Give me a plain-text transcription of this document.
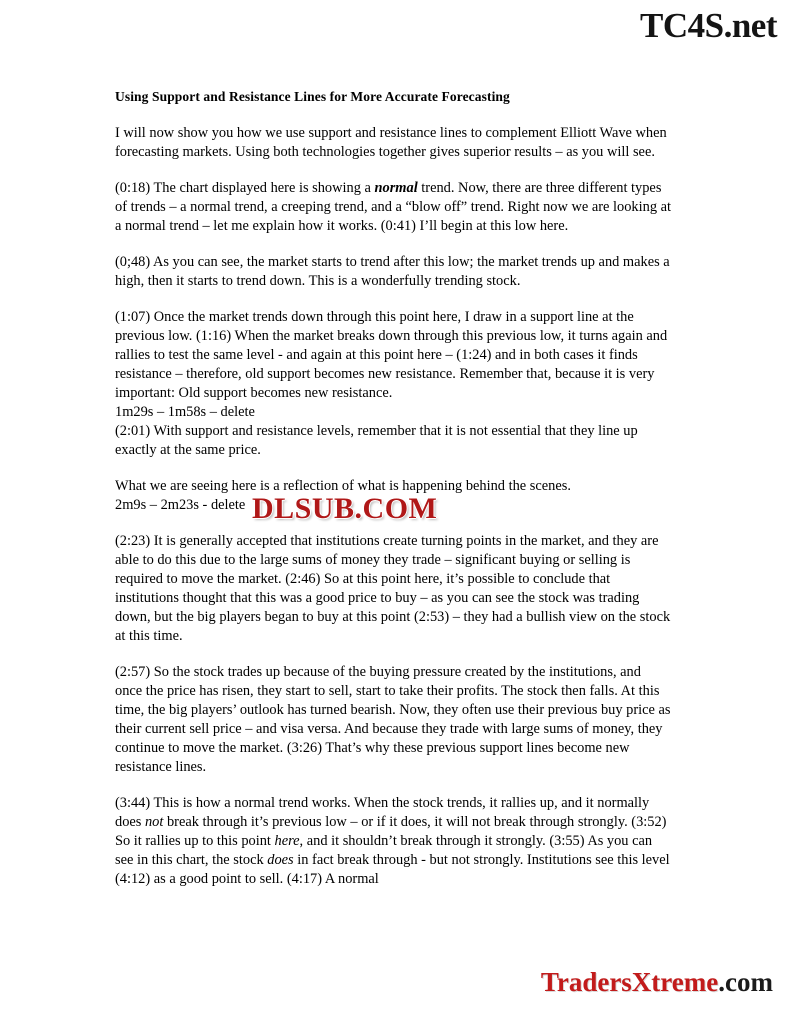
TC4S.net
Using Support and Resistance Lines for More Accurate Forecasting

I will now show you how we use support and resistance lines to complement Elliott Wave when forecasting markets. Using both technologies together gives superior results – as you will see.

(0:18) The chart displayed here is showing a normal trend. Now, there are three different types of trends – a normal trend, a creeping trend, and a “blow off” trend. Right now we are looking at a normal trend – let me explain how it works. (0:41) I’ll begin at this low here.

(0;48) As you can see, the market starts to trend after this low; the market trends up and makes a high, then it starts to trend down. This is a wonderfully trending stock.

(1:07) Once the market trends down through this point here, I draw in a support line at the previous low. (1:16) When the market breaks down through this previous low, it turns again and rallies to test the same level - and again at this point here – (1:24) and in both cases it finds resistance – therefore, old support becomes new resistance. Remember that, because it is very important: Old support becomes new resistance.

1m29s – 1m58s – delete

(2:01) With support and resistance levels, remember that it is not essential that they line up exactly at the same price.

What we are seeing here is a reflection of what is happening behind the scenes.

2m9s – 2m23s - delete

(2:23) It is generally accepted that institutions create turning points in the market, and they are able to do this due to the large sums of money they trade – significant buying or selling is required to move the market. (2:46) So at this point here, it’s possible to conclude that institutions thought that this was a good price to buy – as you can see the stock was trading down, but the big players began to buy at this point (2:53) – they had a bullish view on the stock at this time.

(2:57) So the stock trades up because of the buying pressure created by the institutions, and once the price has risen, they start to sell, start to take their profits. The stock then falls. At this time, the big players’ outlook has turned bearish. Now, they often use their previous buy price as their current sell price – and visa versa. And because they trade with large sums of money, they continue to move the market. (3:26) That’s why these previous support lines become new resistance lines.

(3:44) This is how a normal trend works. When the stock trends, it rallies up, and it normally does not break through it’s previous low – or if it does, it will not break through strongly. (3:52) So it rallies up to this point here, and it shouldn’t break through it strongly. (3:55) As you can see in this chart, the stock does in fact break through - but not strongly. Institutions see this level (4:12) as a good point to sell. (4:17) A normal

DLSUB.COM
TradersXtreme.com
